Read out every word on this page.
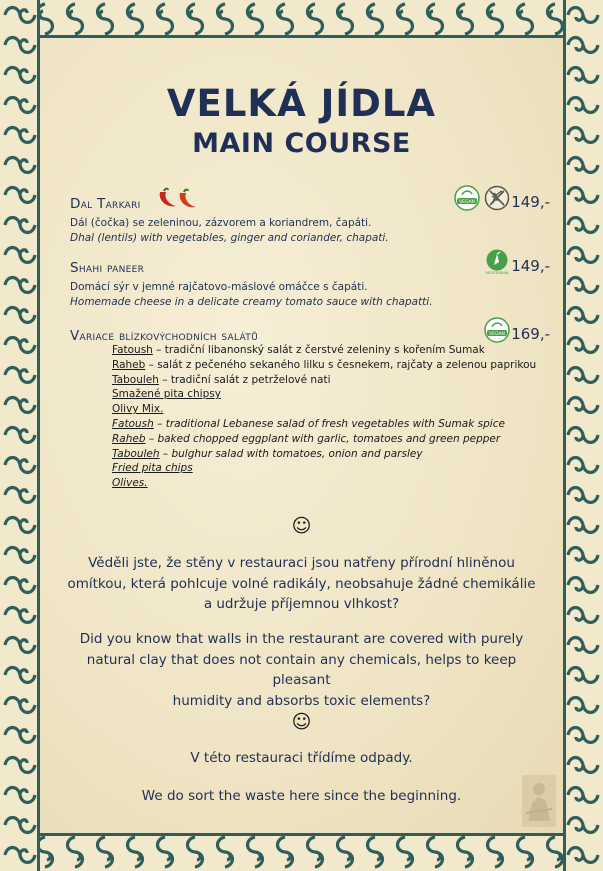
VELKÁ JÍDLA
MAIN COURSE
Dal Tarkari	VEGAN 149,-
Dál (čočka) se zeleninou, zázvorem a koriandrem, čapáti.
Dhal (lentils) with vegetables, ginger and coriander, chapati.
Shahi paneer	VEGETARIAN 149,-
Domácí sýr v jemné rajčatovo-máslové omáčce s čapáti.
Homemade cheese in a delicate creamy tomato sauce with chapatti.
Variace blízkovýchodních salátů	VEGAN 169,-
Fatoush – tradiční libanonský salát z čerstvé zeleniny s kořením Sumak
Raheb – salát z pečeného sekaného lilku s česnekem, rajčaty a zelenou paprikou
Tabouleh – tradiční salát z petrželové nati
Smažené pita chipsy
Olivy Mix.
Fatoush – traditional Lebanese salad of fresh vegetables with Sumak spice
Raheb – baked chopped eggplant with garlic, tomatoes and green pepper
Tabouleh – bulghur salad with tomatoes, onion and parsley
Fried pita chips
Olives.
☺
Věděli jste, že stěny v restauraci jsou natřeny přírodní hliněnou
omítkou, která pohlcuje volné radikály, neobsahuje žádné chemikálie
a udržuje příjemnou vlhkost?
Did you know that walls in the restaurant are covered with purely
natural clay that does not contain any chemicals, helps to keep pleasant
humidity and absorbs toxic elements?
☺
V této restauraci třídíme odpady.
We do sort the waste here since the beginning.
